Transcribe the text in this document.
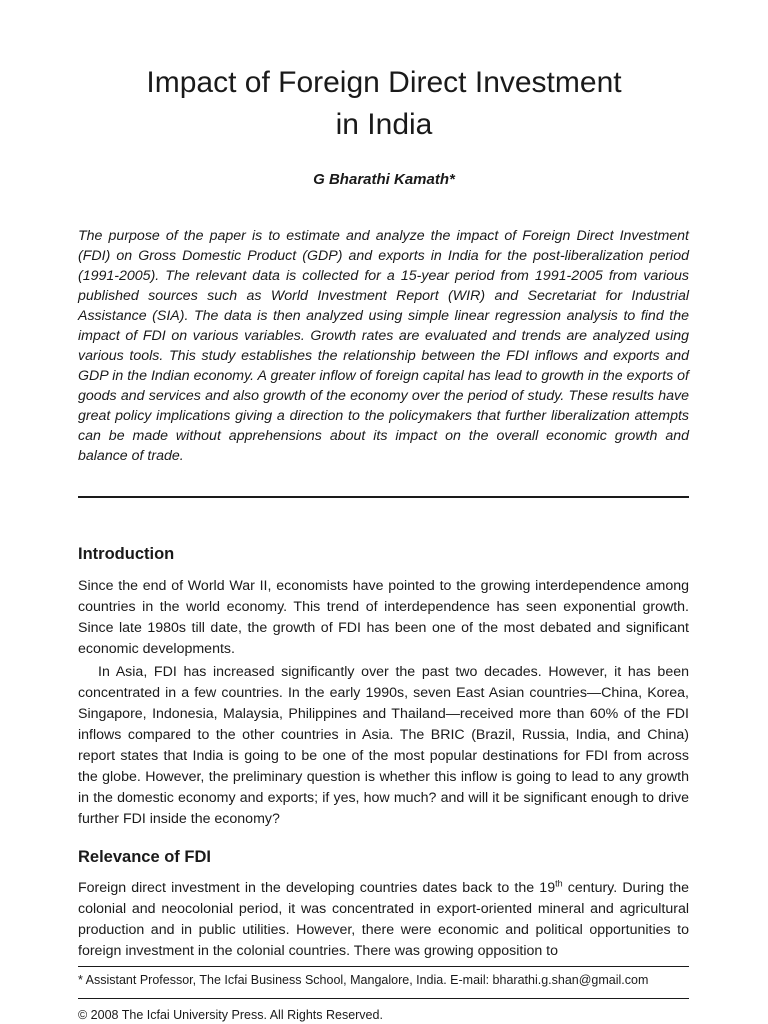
Impact of Foreign Direct Investment
in India
G Bharathi Kamath*

The purpose of the paper is to estimate and analyze the impact of Foreign Direct Investment (FDI) on Gross Domestic Product (GDP) and exports in India for the post-liberalization period (1991-2005). The relevant data is collected for a 15-year period from 1991-2005 from various published sources such as World Investment Report (WIR) and Secretariat for Industrial Assistance (SIA). The data is then analyzed using simple linear regression analysis to find the impact of FDI on various variables. Growth rates are evaluated and trends are analyzed using various tools. This study establishes the relationship between the FDI inflows and exports and GDP in the Indian economy. A greater inflow of foreign capital has lead to growth in the exports of goods and services and also growth of the economy over the period of study. These results have great policy implications giving a direction to the policymakers that further liberalization attempts can be made without apprehensions about its impact on the overall economic growth and balance of trade.

Introduction

Since the end of World War II, economists have pointed to the growing interdependence among countries in the world economy. This trend of interdependence has seen exponential growth. Since late 1980s till date, the growth of FDI has been one of the most debated and significant economic developments.

In Asia, FDI has increased significantly over the past two decades. However, it has been concentrated in a few countries. In the early 1990s, seven East Asian countries—China, Korea, Singapore, Indonesia, Malaysia, Philippines and Thailand—received more than 60% of the FDI inflows compared to the other countries in Asia. The BRIC (Brazil, Russia, India, and China) report states that India is going to be one of the most popular destinations for FDI from across the globe. However, the preliminary question is whether this inflow is going to lead to any growth in the domestic economy and exports; if yes, how much? and will it be significant enough to drive further FDI inside the economy?

Relevance of FDI

Foreign direct investment in the developing countries dates back to the 19th century. During the colonial and neocolonial period, it was concentrated in export-oriented mineral and agricultural production and in public utilities. However, there were economic and political opportunities to foreign investment in the colonial countries. There was growing opposition to

* Assistant Professor, The Icfai Business School, Mangalore, India. E-mail: bharathi.g.shan@gmail.com
© 2008 The Icfai University Press. All Rights Reserved.
